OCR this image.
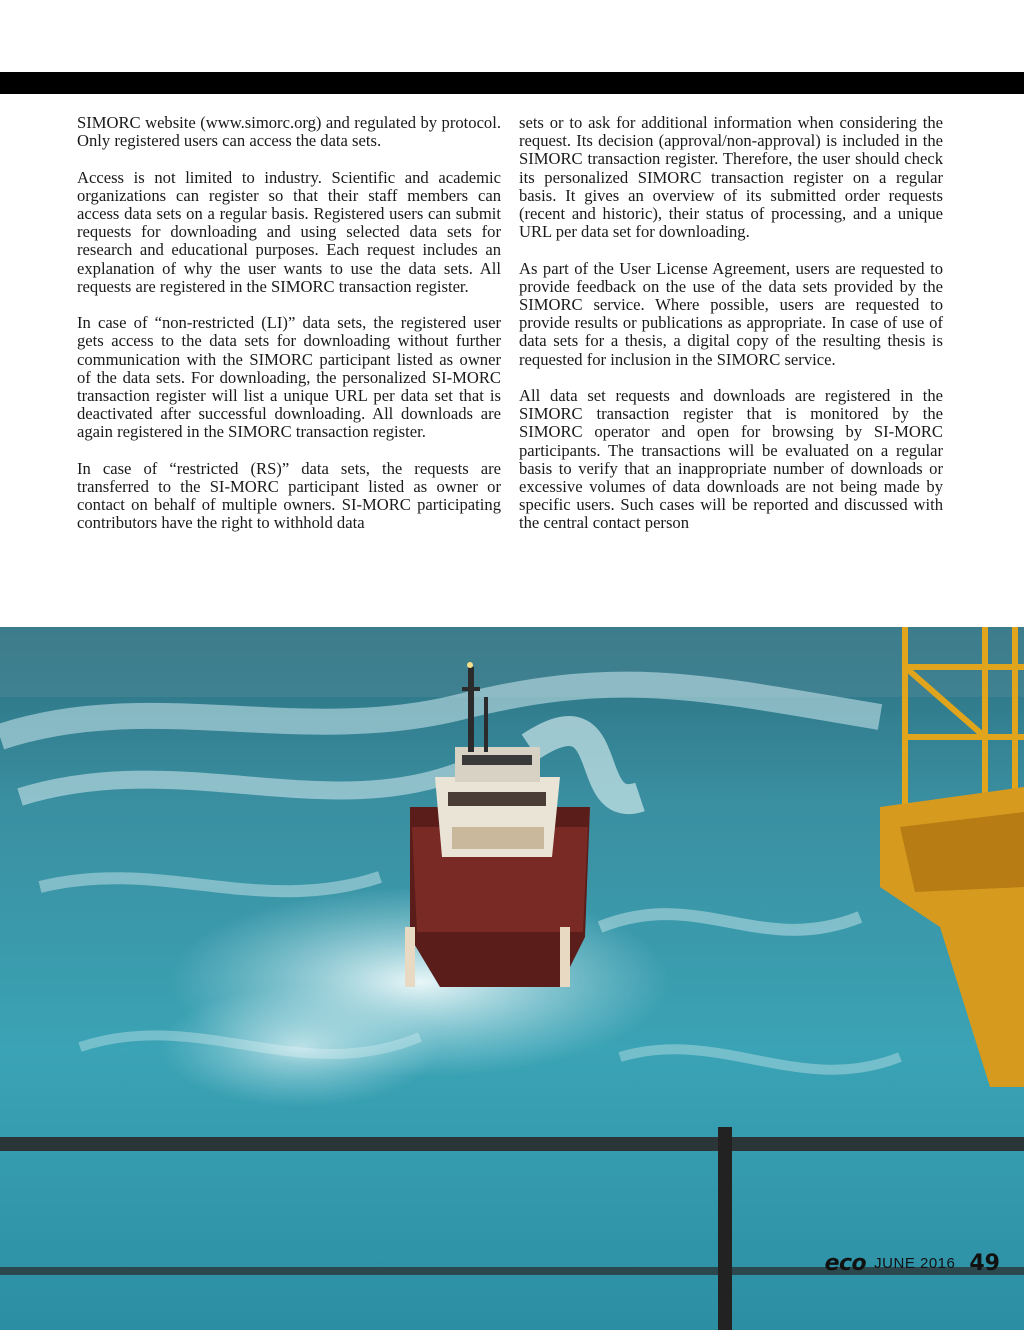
SIMORC website (www.simorc.org) and regulated by protocol. Only registered users can access the data sets.

Access is not limited to industry. Scientific and academic organizations can register so that their staff members can access data sets on a regular basis. Registered users can submit requests for downloading and using selected data sets for research and educational purposes. Each request includes an explanation of why the user wants to use the data sets. All requests are registered in the SIMORC transaction register.

In case of “non-restricted (LI)” data sets, the registered user gets access to the data sets for downloading without further communication with the SIMORC participant listed as owner of the data sets. For downloading, the personalized SI-MORC transaction register will list a unique URL per data set that is deactivated after successful downloading. All downloads are again registered in the SIMORC transaction register.

In case of “restricted (RS)” data sets, the requests are transferred to the SI-MORC participant listed as owner or contact on behalf of multiple owners. SI-MORC participating contributors have the right to withhold data

sets or to ask for additional information when considering the request. Its decision (approval/non-approval) is included in the SIMORC transaction register. Therefore, the user should check its personalized SIMORC transaction register on a regular basis. It gives an overview of its submitted order requests (recent and historic), their status of processing, and a unique URL per data set for downloading.

As part of the User License Agreement, users are requested to provide feedback on the use of the data sets provided by the SIMORC service. Where possible, users are requested to provide results or publications as appropriate. In case of use of data sets for a thesis, a digital copy of the resulting thesis is requested for inclusion in the SIMORC service.

All data set requests and downloads are registered in the SIMORC transaction register that is monitored by the SIMORC operator and open for browsing by SI-MORC participants. The transactions will be evaluated on a regular basis to verify that an inappropriate number of downloads or excessive volumes of data downloads are not being made by specific users. Such cases will be reported and discussed with the central contact person

eco JUNE 2016 49
